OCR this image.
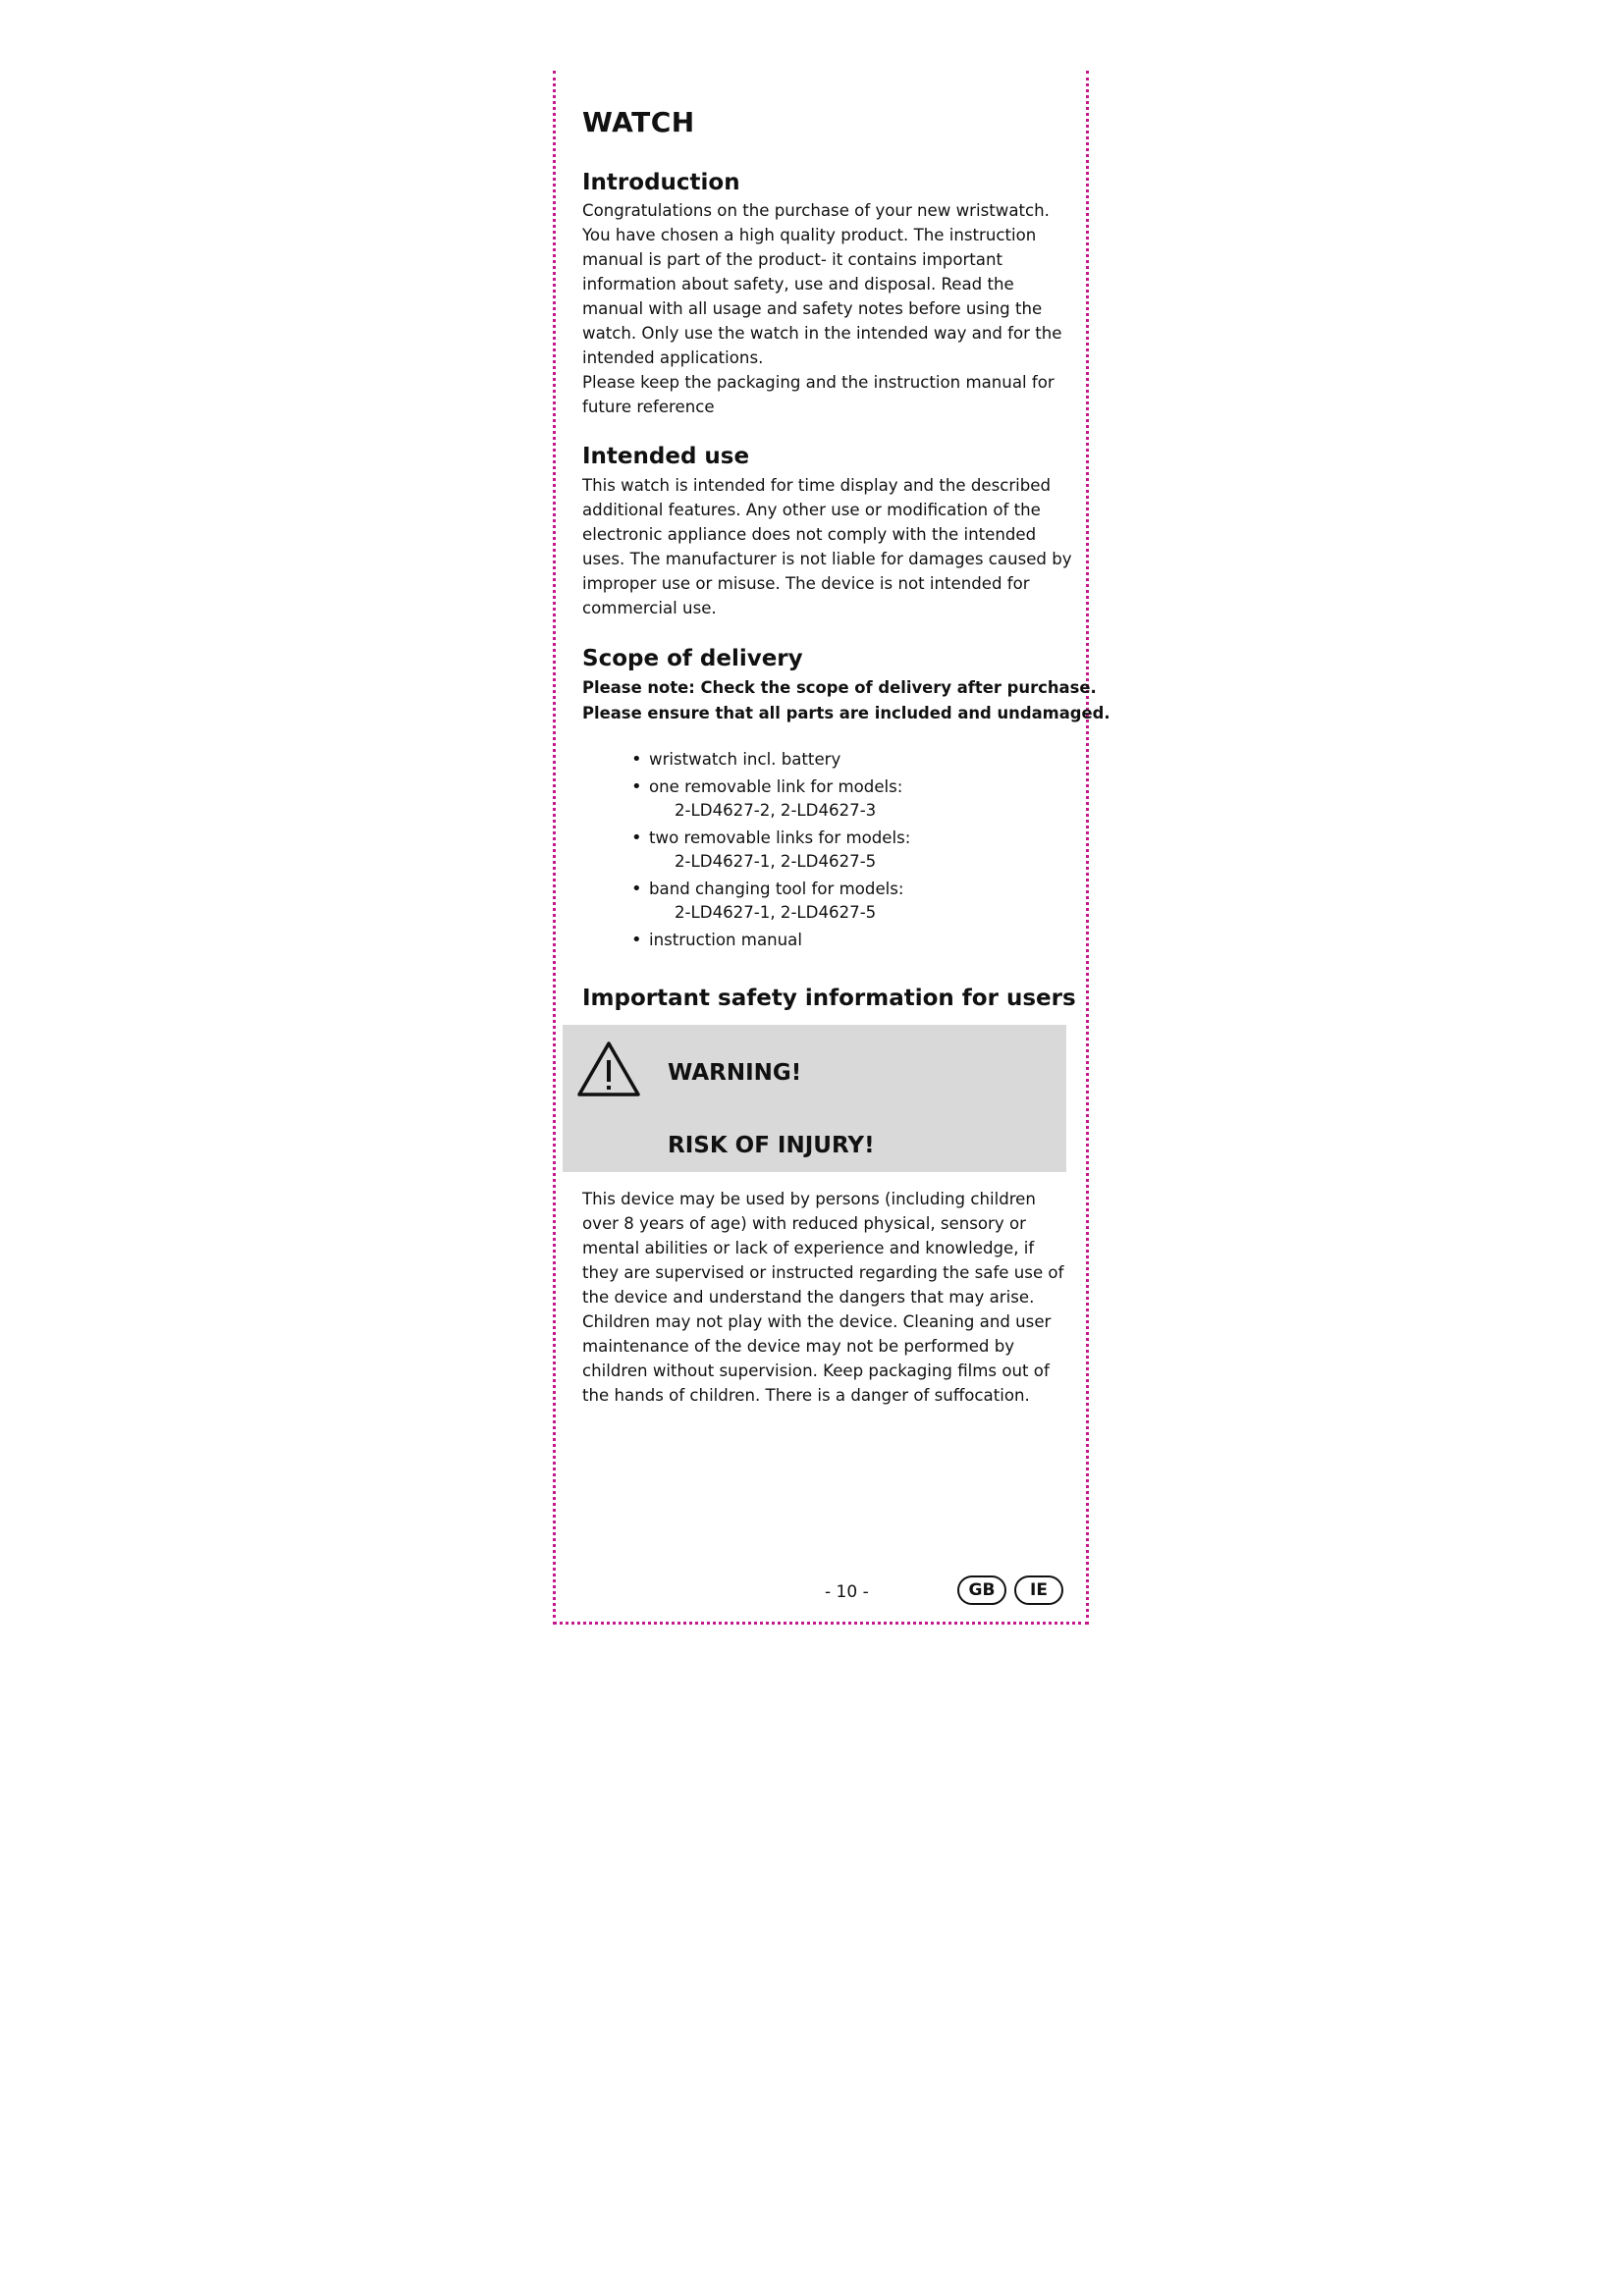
WATCH
Introduction
Congratulations on the purchase of your new wristwatch.
You have chosen a high quality product. The instruction
manual is part of the product- it contains important
information about safety, use and disposal. Read the
manual with all usage and safety notes before using the
watch. Only use the watch in the intended way and for the
intended applications.
Please keep the packaging and the instruction manual for
future reference
Intended use
This watch is intended for time display and the described
additional features. Any other use or modification of the
electronic appliance does not comply with the intended
uses. The manufacturer is not liable for damages caused by
improper use or misuse. The device is not intended for
commercial use.
Scope of delivery
Please note: Check the scope of delivery after purchase.
Please ensure that all parts are included and undamaged.
• wristwatch incl. battery
• one removable link for models:
2-LD4627-2, 2-LD4627-3
• two removable links for models:
2-LD4627-1, 2-LD4627-5
• band changing tool for models:
2-LD4627-1, 2-LD4627-5
• instruction manual
Important safety information for users

WARNING!

RISK OF INJURY!

This device may be used by persons (including children
over 8 years of age) with reduced physical, sensory or
mental abilities or lack of experience and knowledge, if
they are supervised or instructed regarding the safe use of
the device and understand the dangers that may arise.
Children may not play with the device. Cleaning and user
maintenance of the device may not be performed by
children without supervision. Keep packaging films out of
the hands of children. There is a danger of suffocation.

- 10 -	GB	IE
